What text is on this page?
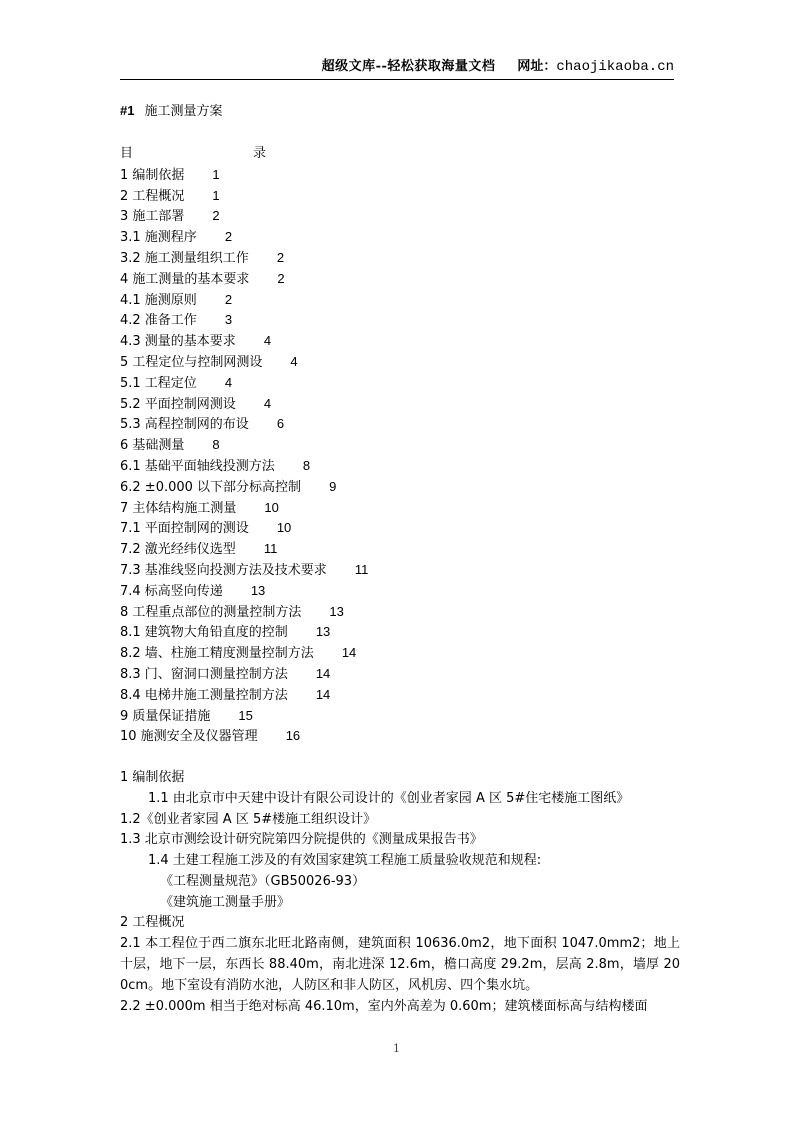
超级文库--轻松获取海量文档 网址：chaojikaoba.cn
#1 施工测量方案
目	录
1 编制依据 1
2 工程概况 1
3 施工部署 2
3.1 施测程序 2
3.2 施工测量组织工作 2
4 施工测量的基本要求 2
4.1 施测原则 2
4.2 准备工作 3
4.3 测量的基本要求 4
5 工程定位与控制网测设 4
5.1 工程定位 4
5.2 平面控制网测设 4
5.3 高程控制网的布设 6
6 基础测量 8
6.1 基础平面轴线投测方法 8
6.2 ±0.000 以下部分标高控制 9
7 主体结构施工测量 10
7.1 平面控制网的测设 10
7.2 激光经纬仪选型 11
7.3 基准线竖向投测方法及技术要求 11
7.4 标高竖向传递 13
8 工程重点部位的测量控制方法 13
8.1 建筑物大角铅直度的控制 13
8.2 墙、柱施工精度测量控制方法 14
8.3 门、窗洞口测量控制方法 14
8.4 电梯井施工测量控制方法 14
9 质量保证措施 15
10 施测安全及仪器管理 16
1 编制依据
1.1 由北京市中天建中设计有限公司设计的《创业者家园 A 区 5#住宅楼施工图纸》
1.2《创业者家园 A 区 5#楼施工组织设计》
1.3 北京市测绘设计研究院第四分院提供的《测量成果报告书》
1.4 土建工程施工涉及的有效国家建筑工程施工质量验收规范和规程:
《工程测量规范》（GB50026-93）
《建筑施工测量手册》
2 工程概况
2.1 本工程位于西二旗东北旺北路南侧，建筑面积 10636.0m2，地下面积 1047.0mm2；地上十层，地下一层，东西长 88.40m，南北进深 12.6m，檐口高度 29.2m，层高 2.8m，墙厚 200cm。地下室设有消防水池，人防区和非人防区，风机房、四个集水坑。
2.2 ±0.000m 相当于绝对标高 46.10m，室内外高差为 0.60m；建筑楼面标高与结构楼面
1
